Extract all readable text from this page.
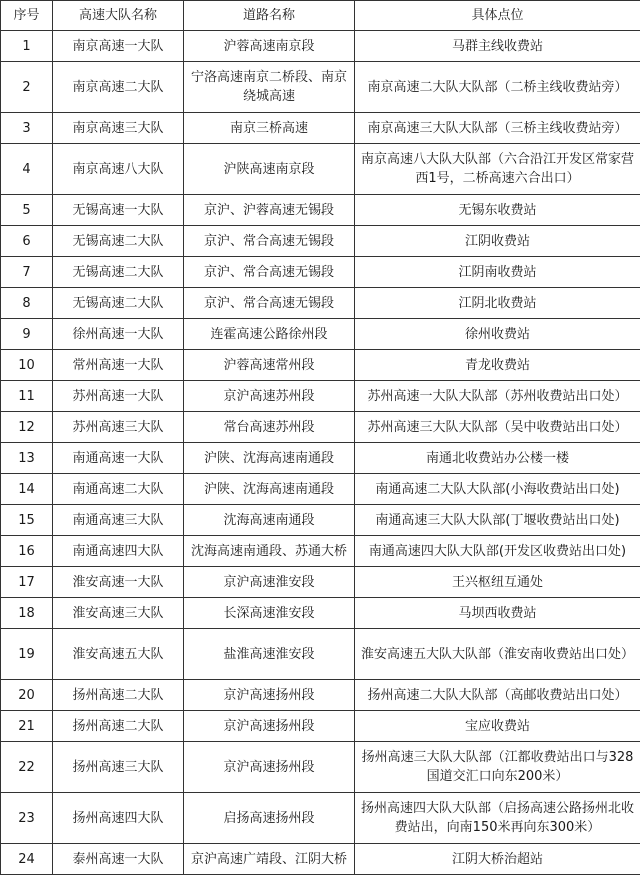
序号	高速大队名称	道路名称	具体点位
1	南京高速一大队	沪蓉高速南京段	马群主线收费站
2	南京高速二大队	宁洛高速南京二桥段、南京绕城高速	南京高速二大队大队部（二桥主线收费站旁）
3	南京高速三大队	南京三桥高速	南京高速三大队大队部（三桥主线收费站旁）
4	南京高速八大队	沪陕高速南京段	南京高速八大队大队部（六合沿江开发区常家营西1号，二桥高速六合出口）
5	无锡高速一大队	京沪、沪蓉高速无锡段	无锡东收费站
6	无锡高速二大队	京沪、常合高速无锡段	江阴收费站
7	无锡高速二大队	京沪、常合高速无锡段	江阴南收费站
8	无锡高速二大队	京沪、常合高速无锡段	江阴北收费站
9	徐州高速一大队	连霍高速公路徐州段	徐州收费站
10	常州高速一大队	沪蓉高速常州段	青龙收费站
11	苏州高速一大队	京沪高速苏州段	苏州高速一大队大队部（苏州收费站出口处）
12	苏州高速三大队	常台高速苏州段	苏州高速三大队大队部（吴中收费站出口处）
13	南通高速一大队	沪陕、沈海高速南通段	南通北收费站办公楼一楼
14	南通高速二大队	沪陕、沈海高速南通段	南通高速二大队大队部(小海收费站出口处)
15	南通高速三大队	沈海高速南通段	南通高速三大队大队部(丁堰收费站出口处)
16	南通高速四大队	沈海高速南通段、苏通大桥	南通高速四大队大队部(开发区收费站出口处)
17	淮安高速一大队	京沪高速淮安段	王兴枢纽互通处
18	淮安高速三大队	长深高速淮安段	马坝西收费站
19	淮安高速五大队	盐淮高速淮安段	淮安高速五大队大队部（淮安南收费站出口处）
20	扬州高速二大队	京沪高速扬州段	扬州高速二大队大队部（高邮收费站出口处）
21	扬州高速二大队	京沪高速扬州段	宝应收费站
22	扬州高速三大队	京沪高速扬州段	扬州高速三大队大队部（江都收费站出口与328国道交汇口向东200米）
23	扬州高速四大队	启扬高速扬州段	扬州高速四大队大队部（启扬高速公路扬州北收费站出，向南150米再向东300米）
24	泰州高速一大队	京沪高速广靖段、江阴大桥	江阴大桥治超站
